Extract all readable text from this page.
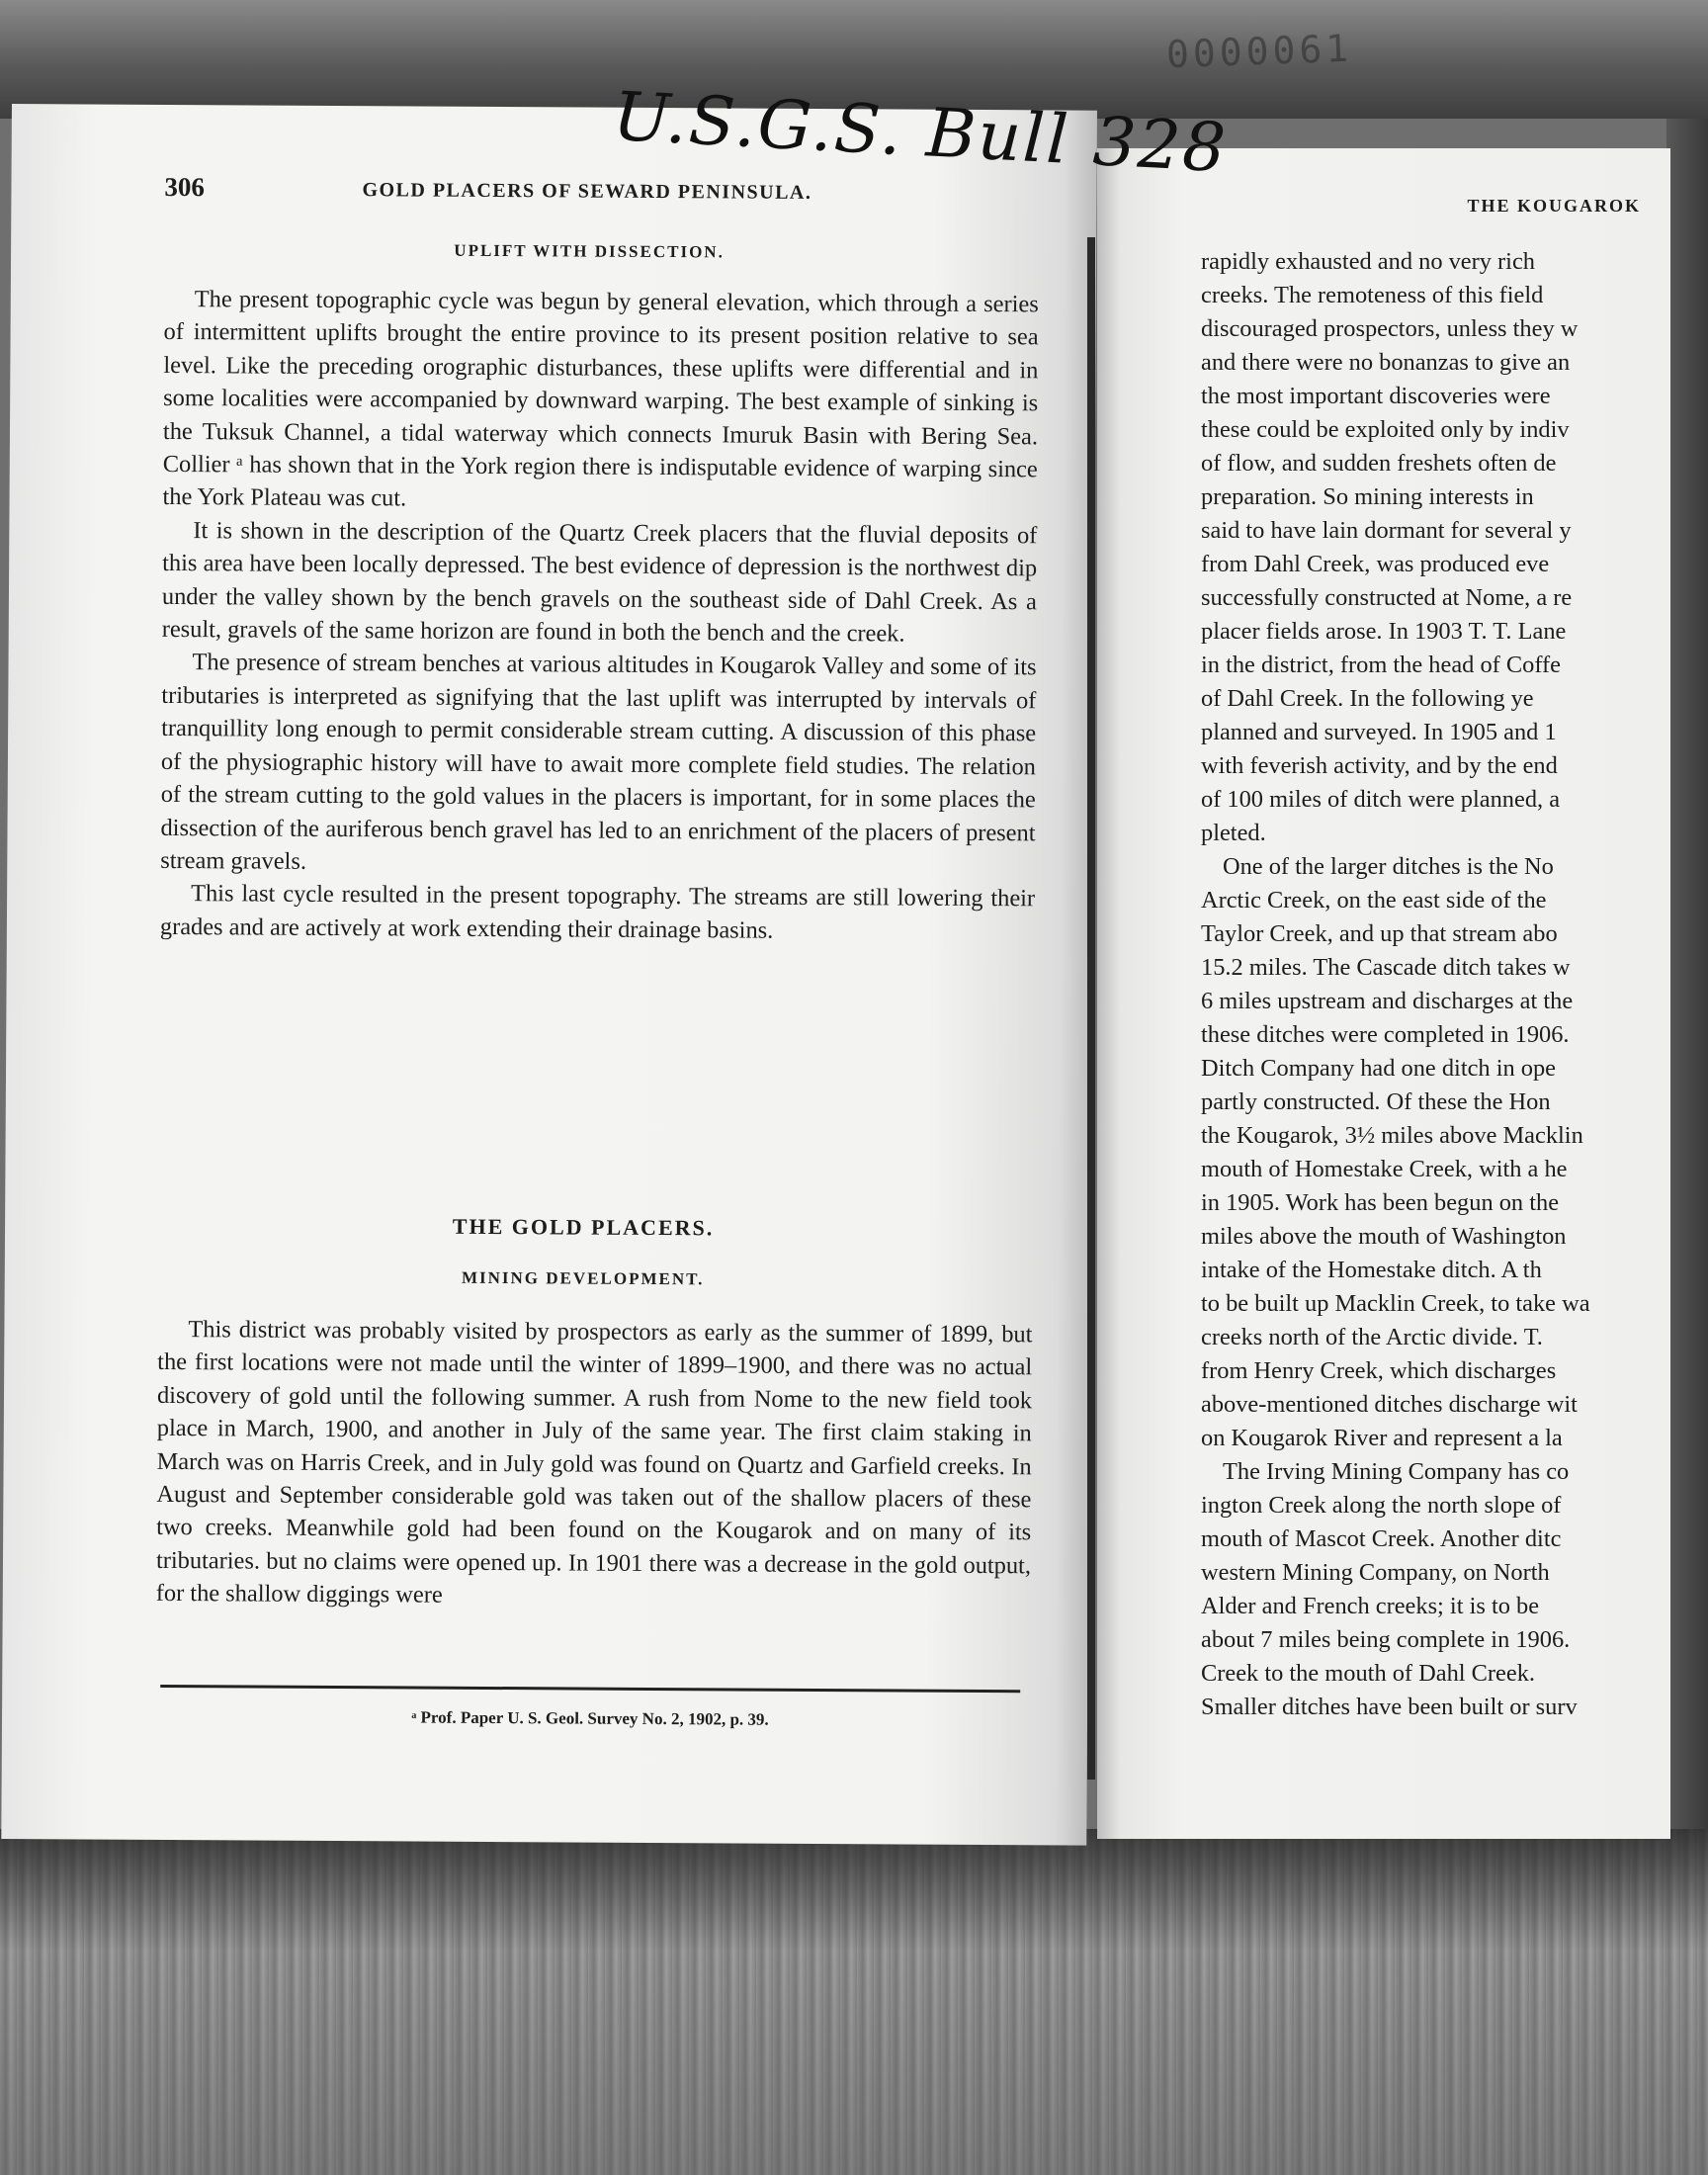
0000061
306	GOLD PLACERS OF SEWARD PENINSULA.
UPLIFT WITH DISSECTION.

The present topographic cycle was begun by general elevation, which through a series of intermittent uplifts brought the entire province to its present position relative to sea level. Like the preceding orographic disturbances, these uplifts were differential and in some localities were accompanied by downward warping. The best example of sinking is the Tuksuk Channel, a tidal waterway which connects Imuruk Basin with Bering Sea. Collier ᵃ has shown that in the York region there is indisputable evidence of warping since the York Plateau was cut.

It is shown in the description of the Quartz Creek placers that the fluvial deposits of this area have been locally depressed. The best evidence of depression is the northwest dip under the valley shown by the bench gravels on the southeast side of Dahl Creek. As a result, gravels of the same horizon are found in both the bench and the creek.

The presence of stream benches at various altitudes in Kougarok Valley and some of its tributaries is interpreted as signifying that the last uplift was interrupted by intervals of tranquillity long enough to permit considerable stream cutting. A discussion of this phase of the physiographic history will have to await more complete field studies. The relation of the stream cutting to the gold values in the placers is important, for in some places the dissection of the auriferous bench gravel has led to an enrichment of the placers of present stream gravels.

This last cycle resulted in the present topography. The streams are still lowering their grades and are actively at work extending their drainage basins.

THE GOLD PLACERS.
MINING DEVELOPMENT.

This district was probably visited by prospectors as early as the summer of 1899, but the first locations were not made until the winter of 1899–1900, and there was no actual discovery of gold until the following summer. A rush from Nome to the new field took place in March, 1900, and another in July of the same year. The first claim staking in March was on Harris Creek, and in July gold was found on Quartz and Garfield creeks. In August and September considerable gold was taken out of the shallow placers of these two creeks. Meanwhile gold had been found on the Kougarok and on many of its tributaries. but no claims were opened up. In 1901 there was a decrease in the gold output, for the shallow diggings were

ᵃ Prof. Paper U. S. Geol. Survey No. 2, 1902, p. 39.
THE KOUGAROK
rapidly exhausted and no very rich
creeks. The remoteness of this field
discouraged prospectors, unless they w
and there were no bonanzas to give an
the most important discoveries were
these could be exploited only by indiv
of flow, and sudden freshets often de
preparation. So mining interests in
said to have lain dormant for several y
from Dahl Creek, was produced eve
successfully constructed at Nome, a re
placer fields arose. In 1903 T. T. Lane
in the district, from the head of Coffe
of Dahl Creek. In the following ye
planned and surveyed. In 1905 and 1
with feverish activity, and by the end
of 100 miles of ditch were planned, a
pleted.
One of the larger ditches is the No
Arctic Creek, on the east side of the
Taylor Creek, and up that stream abo
15.2 miles. The Cascade ditch takes w
6 miles upstream and discharges at the
these ditches were completed in 1906.
Ditch Company had one ditch in ope
partly constructed. Of these the Hon
the Kougarok, 3½ miles above Macklin
mouth of Homestake Creek, with a he
in 1905. Work has been begun on the
miles above the mouth of Washington
intake of the Homestake ditch. A th
to be built up Macklin Creek, to take wa
creeks north of the Arctic divide. T.
from Henry Creek, which discharges
above-mentioned ditches discharge wit
on Kougarok River and represent a la
The Irving Mining Company has co
ington Creek along the north slope of
mouth of Mascot Creek. Another ditc
western Mining Company, on North
Alder and French creeks; it is to be
about 7 miles being complete in 1906.
Creek to the mouth of Dahl Creek.
Smaller ditches have been built or surv
U.S.G.S. Bull 328
